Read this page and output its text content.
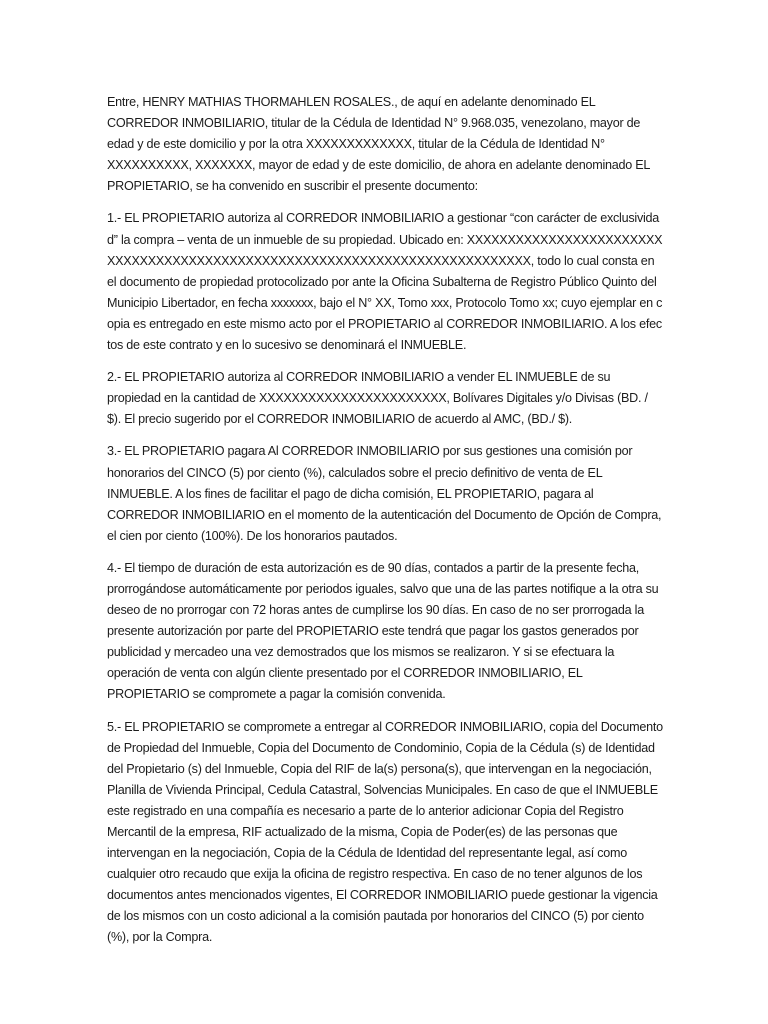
Entre, HENRY MATHIAS THORMAHLEN ROSALES., de aquí en adelante denominado EL CORREDOR INMOBILIARIO, titular de la Cédula de Identidad N° 9.968.035, venezolano, mayor de edad y de este domicilio y por la otra XXXXXXXXXXXXX, titular de la Cédula de Identidad N° XXXXXXXXXX, XXXXXXX, mayor de edad y de este domicilio, de ahora en adelante denominado EL PROPIETARIO, se ha convenido en suscribir el presente documento:

1.- EL PROPIETARIO autoriza al CORREDOR INMOBILIARIO a gestionar “con carácter de exclusividad” la compra – venta de un inmueble de su propiedad. Ubicado en: XXXXXXXXXXXXXXXXXXXXXXXXXXXXXXXXXXXXXXXXXXXXXXXXXXXXXXXXXXXXXXXXXXXXXXXXXXXX, todo lo cual consta en el documento de propiedad protocolizado por ante la Oficina Subalterna de Registro Público Quinto del Municipio Libertador, en fecha xxxxxxx, bajo el N° XX, Tomo xxx, Protocolo Tomo xx; cuyo ejemplar en copia es entregado en este mismo acto por el PROPIETARIO al CORREDOR INMOBILIARIO. A los efectos de este contrato y en lo sucesivo se denominará el INMUEBLE.

2.- EL PROPIETARIO autoriza al CORREDOR INMOBILIARIO a vender EL INMUEBLE de su propiedad en la cantidad de XXXXXXXXXXXXXXXXXXXXXXX, Bolívares Digitales y/o Divisas (BD. / $). El precio sugerido por el CORREDOR INMOBILIARIO de acuerdo al AMC, (BD./ $).

3.- EL PROPIETARIO pagara Al CORREDOR INMOBILIARIO por sus gestiones una comisión por honorarios del CINCO (5) por ciento (%), calculados sobre el precio definitivo de venta de EL INMUEBLE. A los fines de facilitar el pago de dicha comisión, EL PROPIETARIO, pagara al CORREDOR INMOBILIARIO en el momento de la autenticación del Documento de Opción de Compra, el cien por ciento (100%). De los honorarios pautados.

4.- El tiempo de duración de esta autorización es de 90 días, contados a partir de la presente fecha, prorrogándose automáticamente por periodos iguales, salvo que una de las partes notifique a la otra su deseo de no prorrogar con 72 horas antes de cumplirse los 90 días. En caso de no ser prorrogada la presente autorización por parte del PROPIETARIO este tendrá que pagar los gastos generados por publicidad y mercadeo una vez demostrados que los mismos se realizaron. Y si se efectuara la operación de venta con algún cliente presentado por el CORREDOR INMOBILIARIO, EL PROPIETARIO se compromete a pagar la comisión convenida.

5.- EL PROPIETARIO se compromete a entregar al CORREDOR INMOBILIARIO, copia del Documento de Propiedad del Inmueble, Copia del Documento de Condominio, Copia de la Cédula (s) de Identidad del Propietario (s) del Inmueble, Copia del RIF de la(s) persona(s), que intervengan en la negociación, Planilla de Vivienda Principal, Cedula Catastral, Solvencias Municipales. En caso de que el INMUEBLE este registrado en una compañía es necesario a parte de lo anterior adicionar Copia del Registro Mercantil de la empresa, RIF actualizado de la misma, Copia de Poder(es) de las personas que intervengan en la negociación, Copia de la Cédula de Identidad del representante legal, así como cualquier otro recaudo que exija la oficina de registro respectiva. En caso de no tener algunos de los documentos antes mencionados vigentes, El CORREDOR INMOBILIARIO puede gestionar la vigencia de los mismos con un costo adicional a la comisión pautada por honorarios del CINCO (5) por ciento (%), por la Compra.
